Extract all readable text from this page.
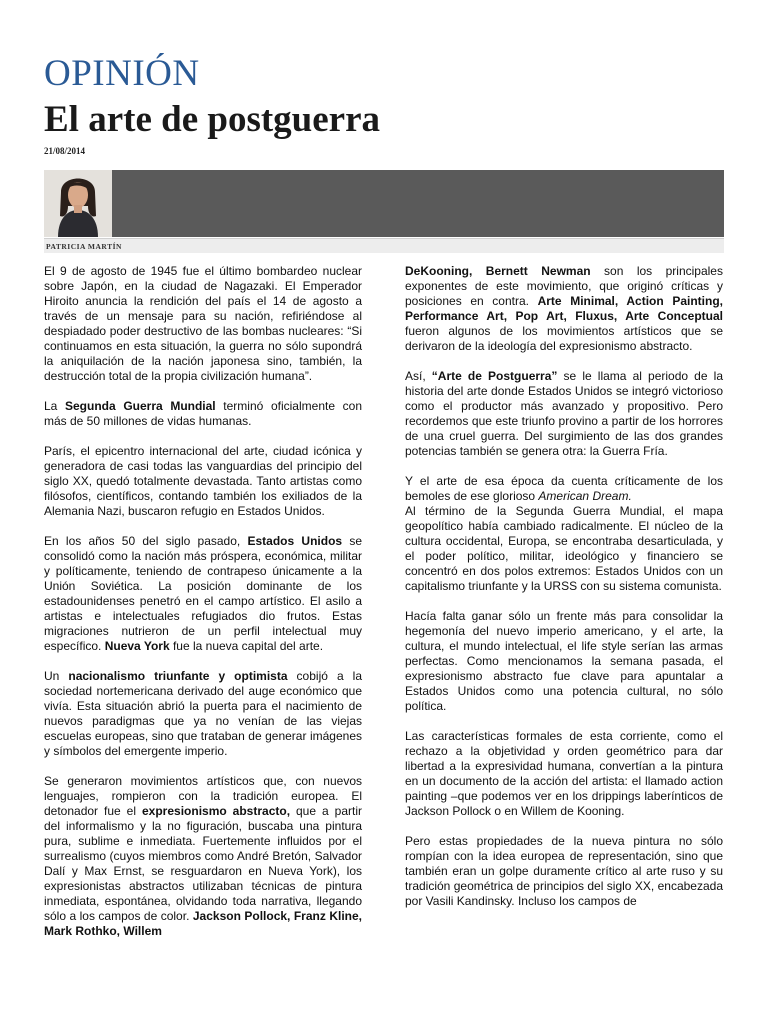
OPINIÓN
El arte de postguerra
21/08/2014
PATRICIA MARTÍN

El 9 de agosto de 1945 fue el último bombardeo nuclear sobre Japón, en la ciudad de Nagazaki. El Emperador Hiroito anuncia la rendición del país el 14 de agosto a través de un mensaje para su nación, refiriéndose al despiadado poder destructivo de las bombas nucleares: “Si continuamos en esta situación, la guerra no sólo supondrá la aniquilación de la nación japonesa sino, también, la destrucción total de la propia civilización humana”.

La Segunda Guerra Mundial terminó oficialmente con más de 50 millones de vidas humanas.

París, el epicentro internacional del arte, ciudad icónica y generadora de casi todas las vanguardias del principio del siglo XX, quedó totalmente devastada. Tanto artistas como filósofos, científicos, contando también los exiliados de la Alemania Nazi, buscaron refugio en Estados Unidos.

En los años 50 del siglo pasado, Estados Unidos se consolidó como la nación más próspera, económica, militar y políticamente, teniendo de contrapeso únicamente a la Unión Soviética. La posición dominante de los estadounidenses penetró en el campo artístico. El asilo a artistas e intelectuales refugiados dio frutos. Estas migraciones nutrieron de un perfil intelectual muy específico. Nueva York fue la nueva capital del arte.

Un nacionalismo triunfante y optimista cobijó a la sociedad nortemericana derivado del auge económico que vivía. Esta situación abrió la puerta para el nacimiento de nuevos paradigmas que ya no venían de las viejas escuelas europeas, sino que trataban de generar imágenes y símbolos del emergente imperio.

Se generaron movimientos artísticos que, con nuevos lenguajes, rompieron con la tradición europea. El detonador fue el expresionismo abstracto, que a partir del informalismo y la no figuración, buscaba una pintura pura, sublime e inmediata. Fuertemente influidos por el surrealismo (cuyos miembros como André Bretón, Salvador Dalí y Max Ernst, se resguardaron en Nueva York), los expresionistas abstractos utilizaban técnicas de pintura inmediata, espontánea, olvidando toda narrativa, llegando sólo a los campos de color. Jackson Pollock, Franz Kline, Mark Rothko, Willem

DeKooning, Bernett Newman son los principales exponentes de este movimiento, que originó críticas y posiciones en contra. Arte Minimal, Action Painting, Performance Art, Pop Art, Fluxus, Arte Conceptual fueron algunos de los movimientos artísticos que se derivaron de la ideología del expresionismo abstracto.

Así, “Arte de Postguerra” se le llama al periodo de la historia del arte donde Estados Unidos se integró victorioso como el productor más avanzado y propositivo. Pero recordemos que este triunfo provino a partir de los horrores de una cruel guerra. Del surgimiento de las dos grandes potencias también se genera otra: la Guerra Fría.

Y el arte de esa época da cuenta críticamente de los bemoles de ese glorioso American Dream.

Al término de la Segunda Guerra Mundial, el mapa geopolítico había cambiado radicalmente. El núcleo de la cultura occidental, Europa, se encontraba desarticulada, y el poder político, militar, ideológico y financiero se concentró en dos polos extremos: Estados Unidos con un capitalismo triunfante y la URSS con su sistema comunista.

Hacía falta ganar sólo un frente más para consolidar la hegemonía del nuevo imperio americano, y el arte, la cultura, el mundo intelectual, el life style serían las armas perfectas. Como mencionamos la semana pasada, el expresionismo abstracto fue clave para apuntalar a Estados Unidos como una potencia cultural, no sólo política.

Las características formales de esta corriente, como el rechazo a la objetividad y orden geométrico para dar libertad a la expresividad humana, convertían a la pintura en un documento de la acción del artista: el llamado action painting –que podemos ver en los drippings laberínticos de Jackson Pollock o en Willem de Kooning.

Pero estas propiedades de la nueva pintura no sólo rompían con la idea europea de representación, sino que también eran un golpe duramente crítico al arte ruso y su tradición geométrica de principios del siglo XX, encabezada por Vasili Kandinsky. Incluso los campos de
